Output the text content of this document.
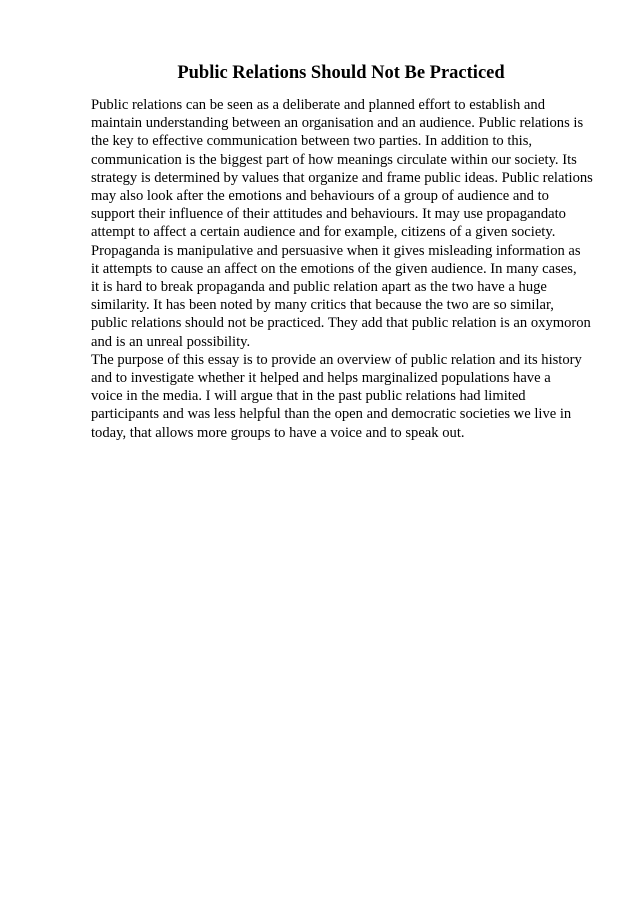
Public Relations Should Not Be Practiced
Public relations can be seen as a deliberate and planned effort to establish and
maintain understanding between an organisation and an audience. Public relations is
the key to effective communication between two parties. In addition to this,
communication is the biggest part of how meanings circulate within our society. Its
strategy is determined by values that organize and frame public ideas. Public relations
may also look after the emotions and behaviours of a group of audience and to
support their influence of their attitudes and behaviours. It may use propagandato
attempt to affect a certain audience and for example, citizens of a given society.
Propaganda is manipulative and persuasive when it gives misleading information as
it attempts to cause an affect on the emotions of the given audience. In many cases,
it is hard to break propaganda and public relation apart as the two have a huge
similarity. It has been noted by many critics that because the two are so similar,
public relations should not be practiced. They add that public relation is an oxymoron
and is an unreal possibility.
The purpose of this essay is to provide an overview of public relation and its history
and to investigate whether it helped and helps marginalized populations have a
voice in the media. I will argue that in the past public relations had limited
participants and was less helpful than the open and democratic societies we live in
today, that allows more groups to have a voice and to speak out.
